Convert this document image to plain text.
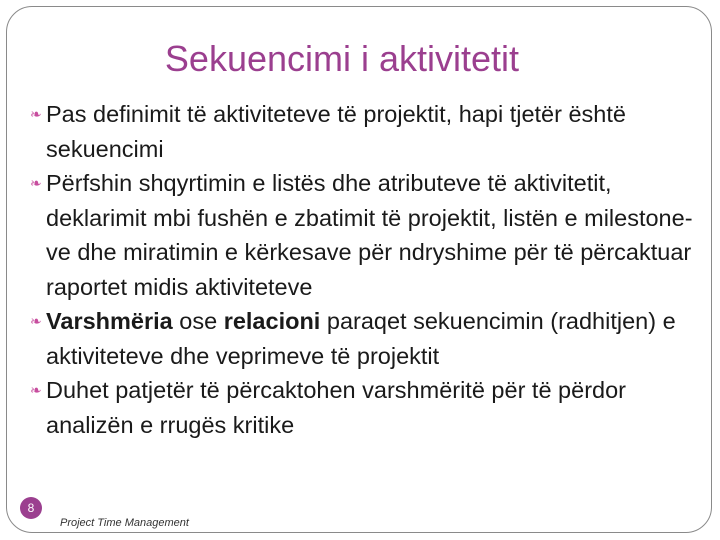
Sekuencimi i aktivitetit
❧ Pas definimit të aktiviteteve të projektit, hapi tjetër është sekuencimi
❧ Përfshin shqyrtimin e listës dhe atributeve të aktivitetit, deklarimit mbi fushën e zbatimit të projektit, listën e milestone-ve dhe miratimin e kërkesave për ndryshime për të përcaktuar raportet midis aktiviteteve
❧ Varshmëria ose relacioni paraqet sekuencimin (radhitjen) e aktiviteteve dhe veprimeve të projektit
❧ Duhet patjetër të përcaktohen varshmëritë për të përdor analizën e rrugës kritike
8
Project Time Management
